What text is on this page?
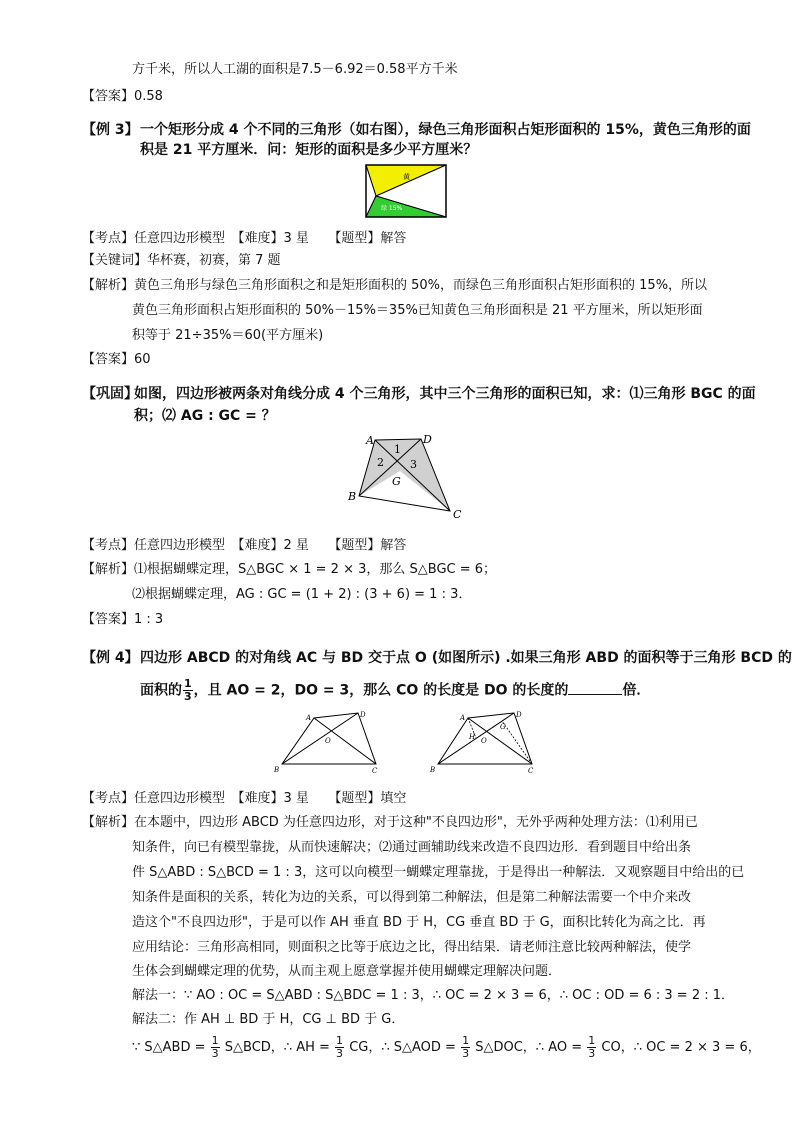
方千米，所以人工湖的面积是7.5－6.92＝0.58平方千米
【答案】0.58
【例 3】 一个矩形分成 4 个不同的三角形（如右图），绿色三角形面积占矩形面积的 15%，黄色三角形的面
积是 21 平方厘米．问：矩形的面积是多少平方厘米？
黄
绿 15%
【考点】任意四边形模型　【难度】3 星　　【题型】解答
【关键词】华杯赛，初赛，第 7 题
【解析】黄色三角形与绿色三角形面积之和是矩形面积的 50%，而绿色三角形面积占矩形面积的 15%，所以
黄色三角形面积占矩形面积的 50%－15%＝35%已知黄色三角形面积是 21 平方厘米，所以矩形面
积等于 21÷35%＝60(平方厘米)
【答案】60
【巩固】
如图，四边形被两条对角线分成 4 个三角形，其中三个三角形的面积已知，求：⑴三角形 BGC 的面
积；⑵ AG : GC = ？
A	D
B
C
G
1
2 3
【考点】任意四边形模型　【难度】2 星　　【题型】解答
【解析】⑴根据蝴蝶定理，S△BGC × 1 = 2 × 3，那么 S△BGC = 6；
⑵根据蝴蝶定理，AG : GC = (1 + 2) : (3 + 6) = 1 : 3．
【答案】1 : 3
【例 4】 四边形 ABCD 的对角线 AC 与 BD 交于点 O (如图所示) .如果三角形 ABD 的面积等于三角形 BCD 的
面积的 $\frac{1}{3}$ ，且 AO = 2，DO = 3，那么 CO 的长度是 DO 的长度的	倍．
A	D
B	C
O
A	D
B	C
O
H
G
【考点】任意四边形模型　【难度】3 星　　【题型】填空
【解析】在本题中，四边形 ABCD 为任意四边形，对于这种"不良四边形"，无外乎两种处理方法：⑴利用已
知条件，向已有模型靠拢，从而快速解决；⑵通过画辅助线来改造不良四边形．看到题目中给出条
件 S△ABD : S△BCD = 1 : 3，这可以向模型一蝴蝶定理靠拢，于是得出一种解法．又观察题目中给出的已
知条件是面积的关系，转化为边的关系，可以得到第二种解法，但是第二种解法需要一个中介来改
造这个"不良四边形"，于是可以作 AH 垂直 BD 于 H，CG 垂直 BD 于 G，面积比转化为高之比．再
应用结论：三角形高相同，则面积之比等于底边之比，得出结果．请老师注意比较两种解法，使学
生体会到蝴蝶定理的优势，从而主观上愿意掌握并使用蝴蝶定理解决问题．
解法一：∵ AO : OC = S△ABD : S△BDC = 1 : 3，∴ OC = 2 × 3 = 6，∴ OC : OD = 6 : 3 = 2 : 1．
解法二：作 AH ⊥ BD 于 H，CG ⊥ BD 于 G．
∵ S△ABD = $\frac{1}{3}$ S△BCD，∴ AH = $\frac{1}{3}$ CG，∴ S△AOD = $\frac{1}{3}$ S△DOC，∴ AO = $\frac{1}{3}$ CO，∴ OC = 2 × 3 = 6，
